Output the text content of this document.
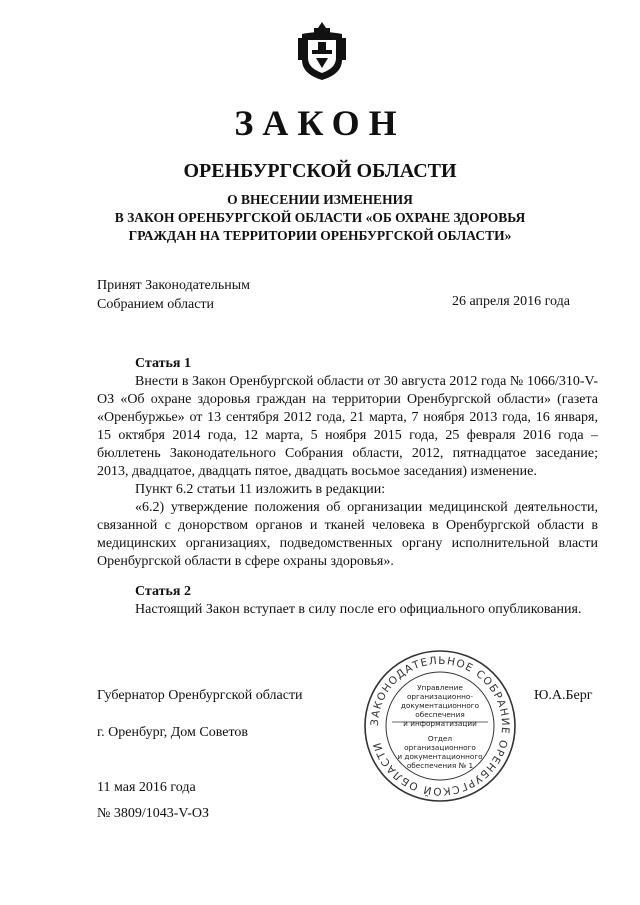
ЗАКОН
ОРЕНБУРГСКОЙ ОБЛАСТИ
О ВНЕСЕНИИ ИЗМЕНЕНИЯ
В ЗАКОН ОРЕНБУРГСКОЙ ОБЛАСТИ «ОБ ОХРАНЕ ЗДОРОВЬЯ
ГРАЖДАН НА ТЕРРИТОРИИ ОРЕНБУРГСКОЙ ОБЛАСТИ»
Принят Законодательным
Собранием области	26 апреля 2016 года
Статья 1

Внести в Закон Оренбургской области от 30 августа 2012 года № 1066/310-V-ОЗ «Об охране здоровья граждан на территории Оренбургской области» (газета «Оренбуржье» от 13 сентября 2012 года, 21 марта, 7 ноября 2013 года, 16 января, 15 октября 2014 года, 12 марта, 5 ноября 2015 года, 25 февраля 2016 года – бюллетень Законодательного Собрания области, 2012, пятнадцатое заседание; 2013, двадцатое, двадцать пятое, двадцать восьмое заседания) изменение.

Пункт 6.2 статьи 11 изложить в редакции:

«6.2) утверждение положения об организации медицинской деятельности, связанной с донорством органов и тканей человека в Оренбургской области в медицинских организациях, подведомственных органу исполнительной власти Оренбургской области в сфере охраны здоровья».

Статья 2

Настоящий Закон вступает в силу после его официального опубликования.

Губернатор Оренбургской области	Ю.А.Берг
г. Оренбург, Дом Советов
11 мая 2016 года
№ 3809/1043-V-ОЗ
ЗАКОНОДАТЕЛЬНОЕ СОБРАНИЕ ОРЕНБУРГСКОЙ ОБЛАСТИ
Управление
организационно-
документационного
обеспечения
и информатизации
Отдел организационного
и документационного
обеспечения № 1
